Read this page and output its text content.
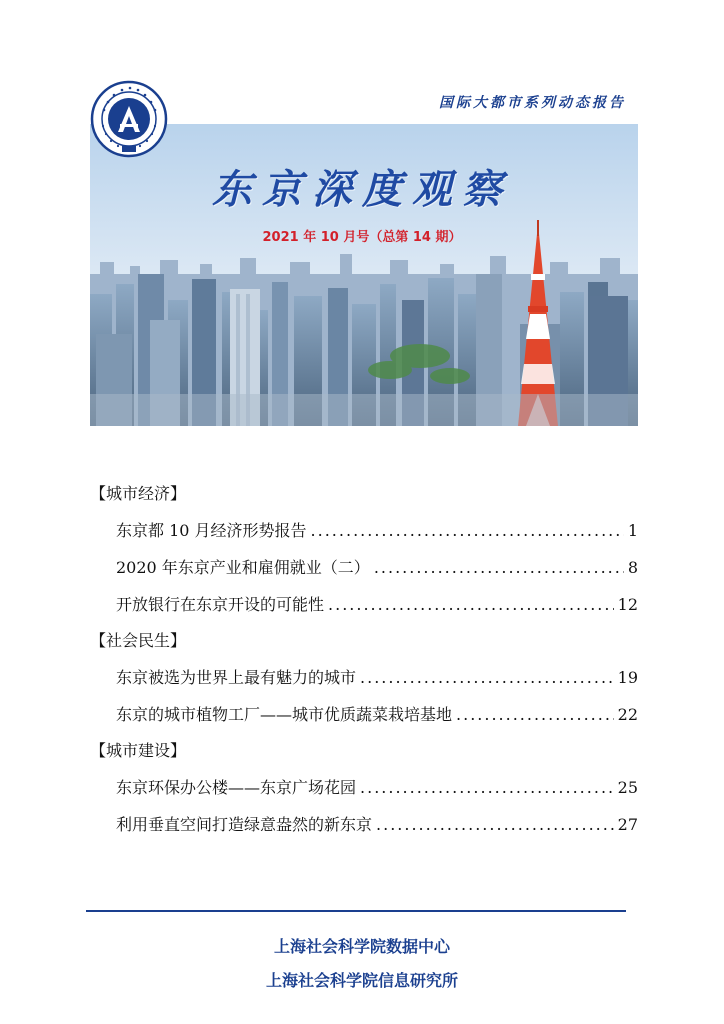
国际大都市系列动态报告
东京深度观察
2021 年 10 月号（总第 14 期）
【城市经济】
东京都 10 月经济形势报告 .....	1
2020 年东京产业和雇佣就业（二） .....	8
开放银行在东京开设的可能性 .....	12
【社会民生】
东京被选为世界上最有魅力的城市 .....	19
东京的城市植物工厂——城市优质蔬菜栽培基地 .....	22
【城市建设】
东京环保办公楼——东京广场花园 .....	25
利用垂直空间打造绿意盎然的新东京 .....	27
上海社会科学院数据中心
上海社会科学院信息研究所
